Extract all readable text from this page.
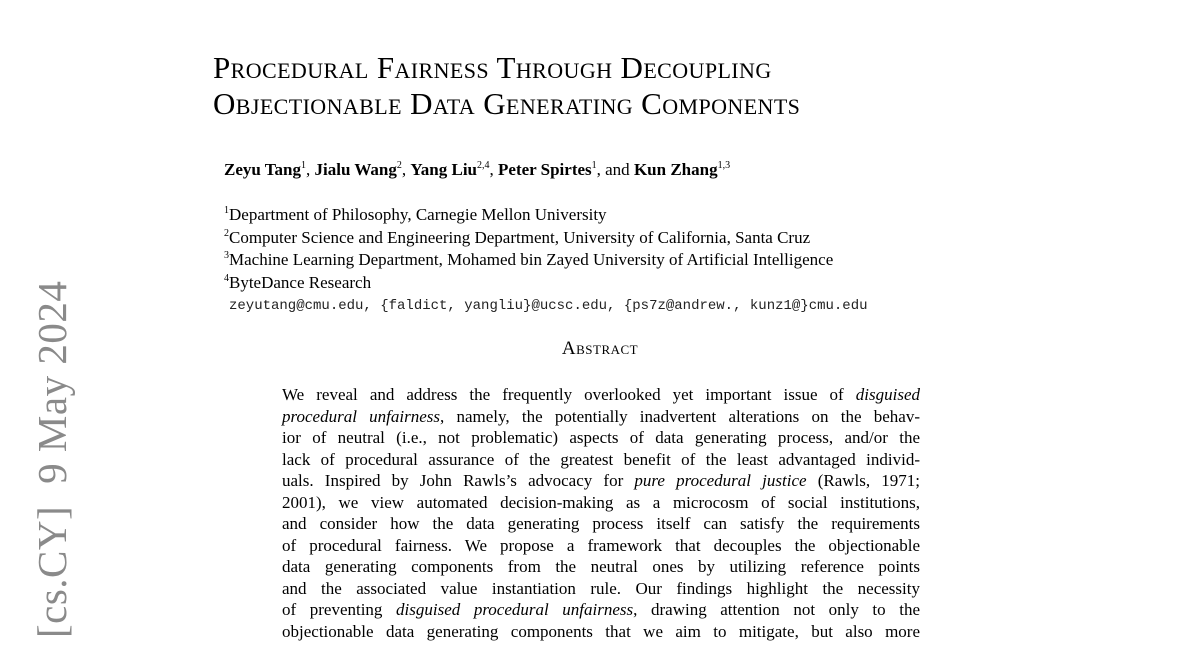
[cs.CY]9 May 2024
Procedural Fairness Through Decoupling
Objectionable Data Generating Components
Zeyu Tang$^1$, Jialu Wang$^2$, Yang Liu$^{2,4}$, Peter Spirtes$^1$, and Kun Zhang$^{1,3}$
$^1$Department of Philosophy, Carnegie Mellon University
$^2$Computer Science and Engineering Department, University of California, Santa Cruz
$^3$Machine Learning Department, Mohamed bin Zayed University of Artificial Intelligence
$^4$ByteDance Research
zeyutang@cmu.edu, {faldict, yangliu}@ucsc.edu, {ps7z@andrew., kunz1@}cmu.edu
Abstract
We reveal and address the frequently overlooked yet important issue of disguised
procedural unfairness, namely, the potentially inadvertent alterations on the behav-
ior of neutral (i.e., not problematic) aspects of data generating process, and/or the
lack of procedural assurance of the greatest benefit of the least advantaged individ-
uals. Inspired by John Rawls’s advocacy for pure procedural justice (Rawls, 1971;
2001), we view automated decision-making as a microcosm of social institutions,
and consider how the data generating process itself can satisfy the requirements
of procedural fairness. We propose a framework that decouples the objectionable
data generating components from the neutral ones by utilizing reference points
and the associated value instantiation rule. Our findings highlight the necessity
of preventing disguised procedural unfairness, drawing attention not only to the
objectionable data generating components that we aim to mitigate, but also more
